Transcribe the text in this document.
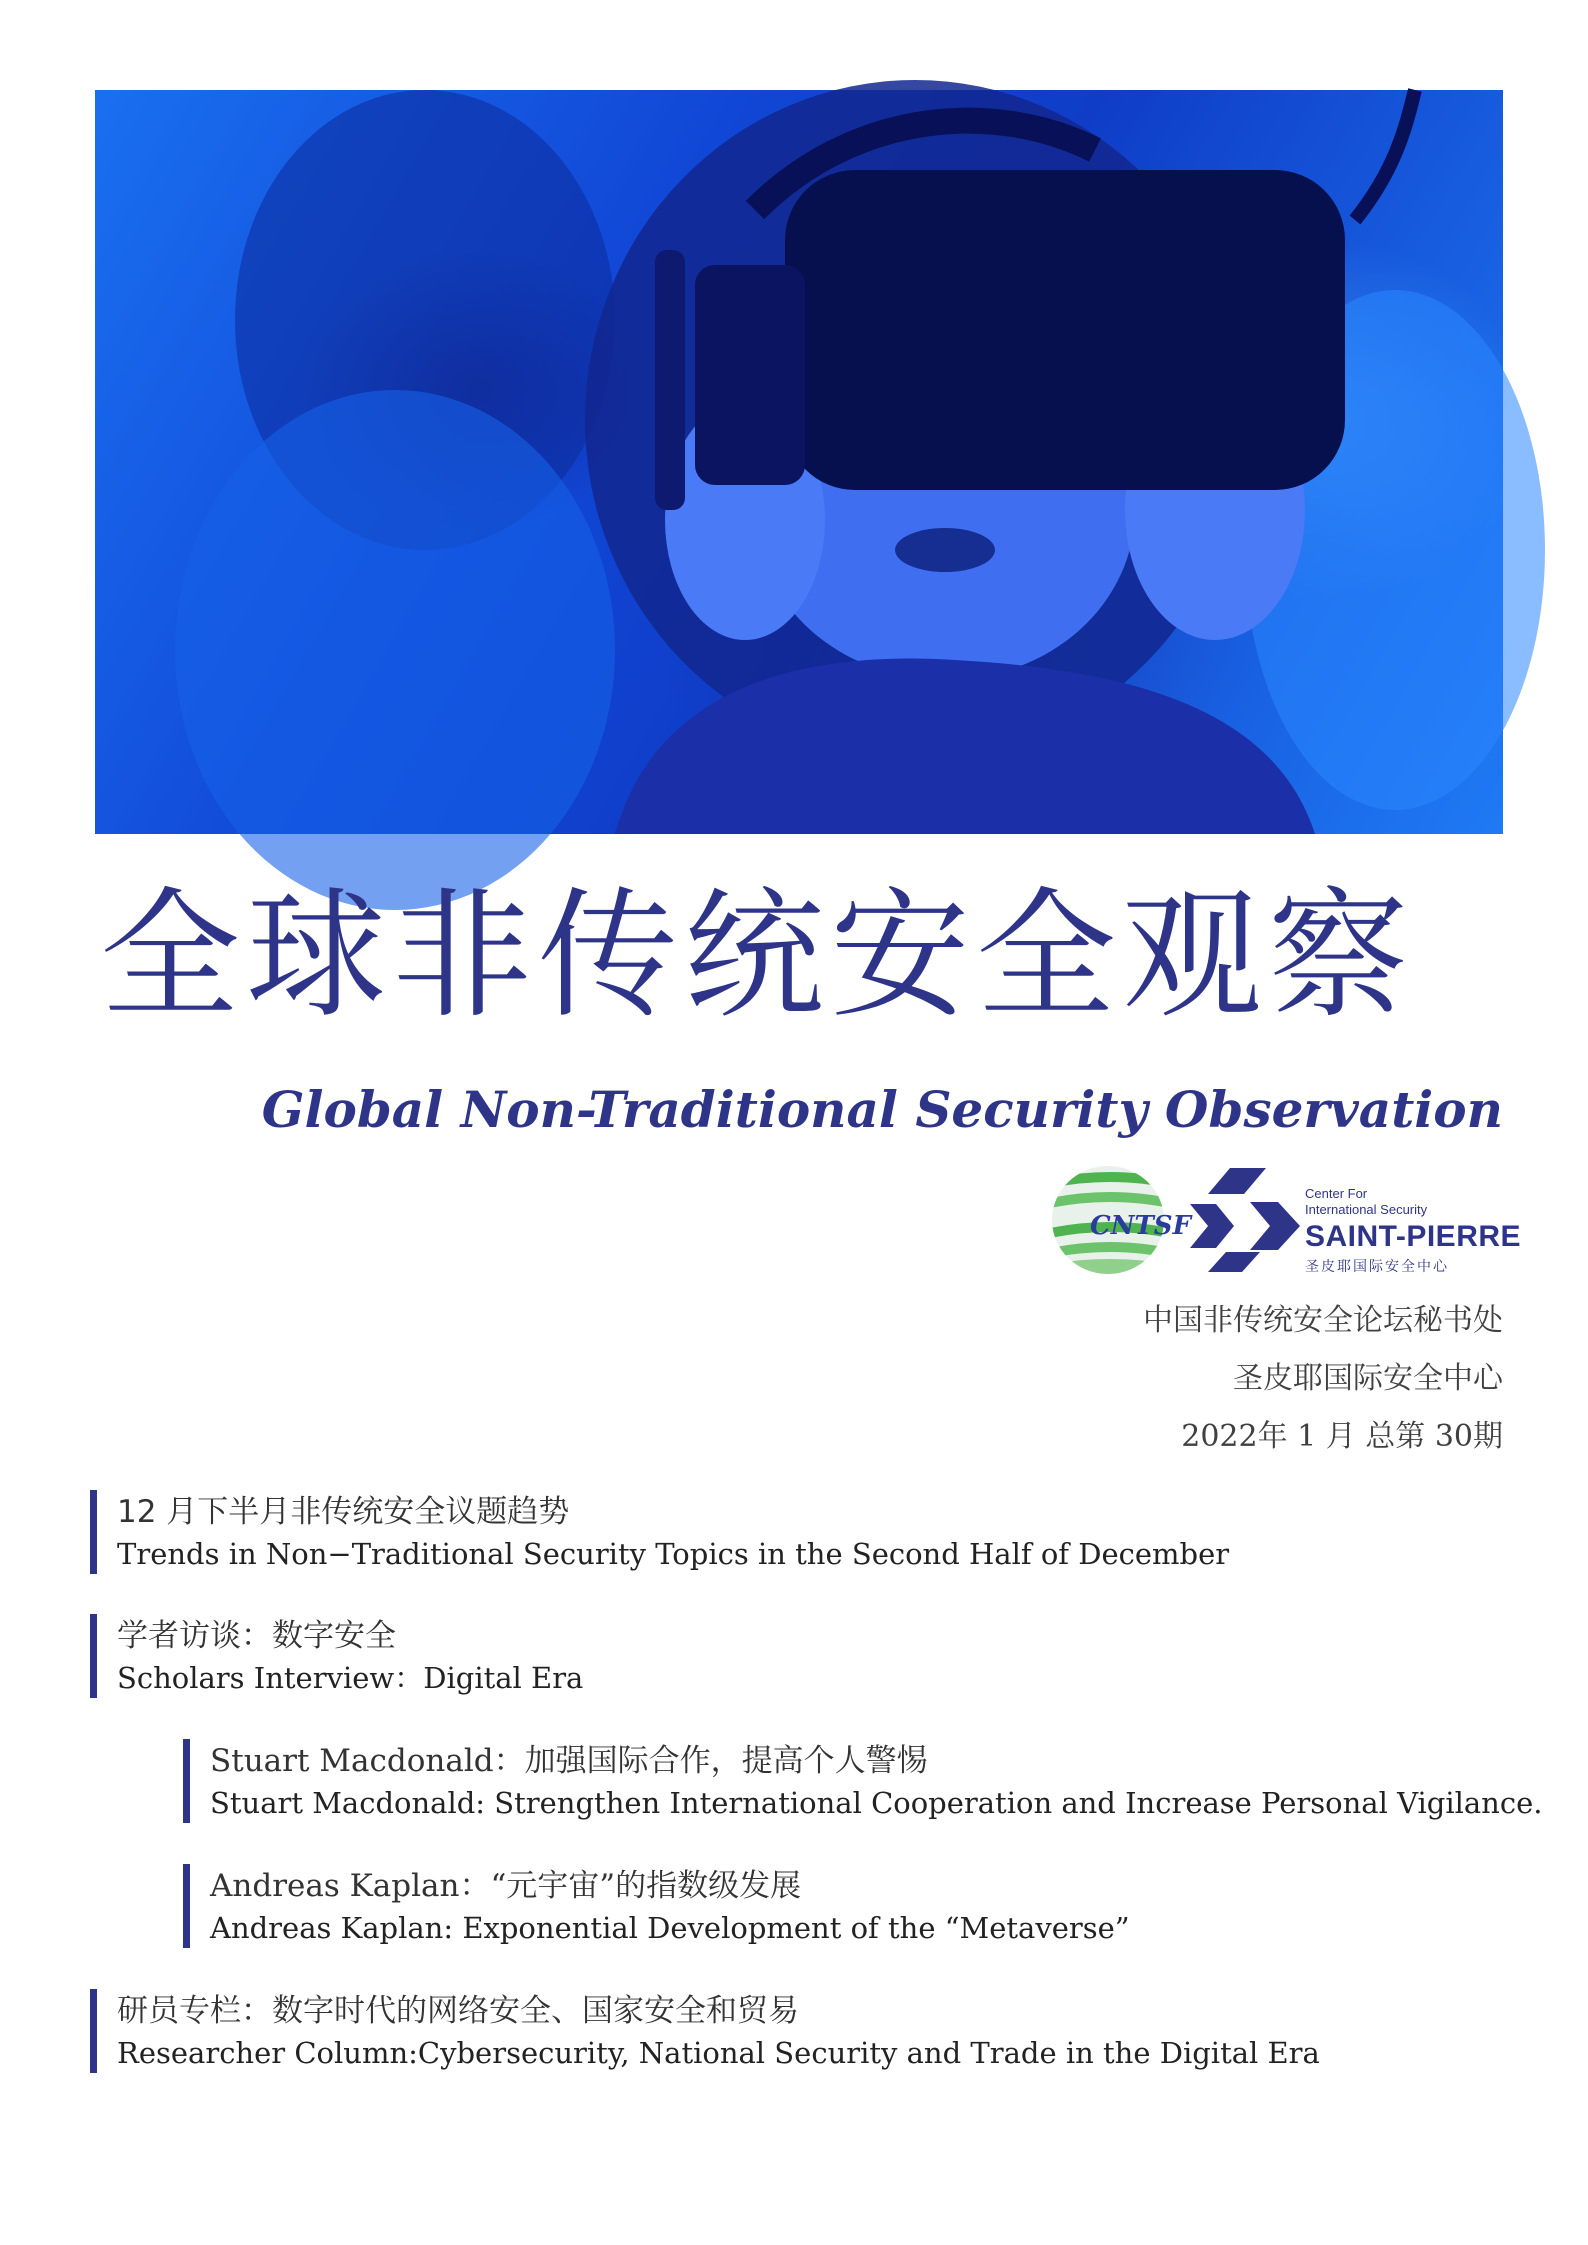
全球非传统安全观察
Global Non-Traditional Security Observation
CNTSF
Center For
International Security
SAINT-PIERRE
圣皮耶国际安全中心
中国非传统安全论坛秘书处
圣皮耶国际安全中心
2022年 1 月 总第 30期
12 月下半月非传统安全议题趋势
Trends in Non−Traditional Security Topics in the Second Half of December
学者访谈：数字安全
Scholars Interview：Digital Era
Stuart Macdonald：加强国际合作，提高个人警惕
Stuart Macdonald: Strengthen International Cooperation and Increase Personal Vigilance.
Andreas Kaplan：“元宇宙”的指数级发展
Andreas Kaplan: Exponential Development of the “Metaverse”
研员专栏：数字时代的网络安全、国家安全和贸易
Researcher Column:Cybersecurity, National Security and Trade in the Digital Era
